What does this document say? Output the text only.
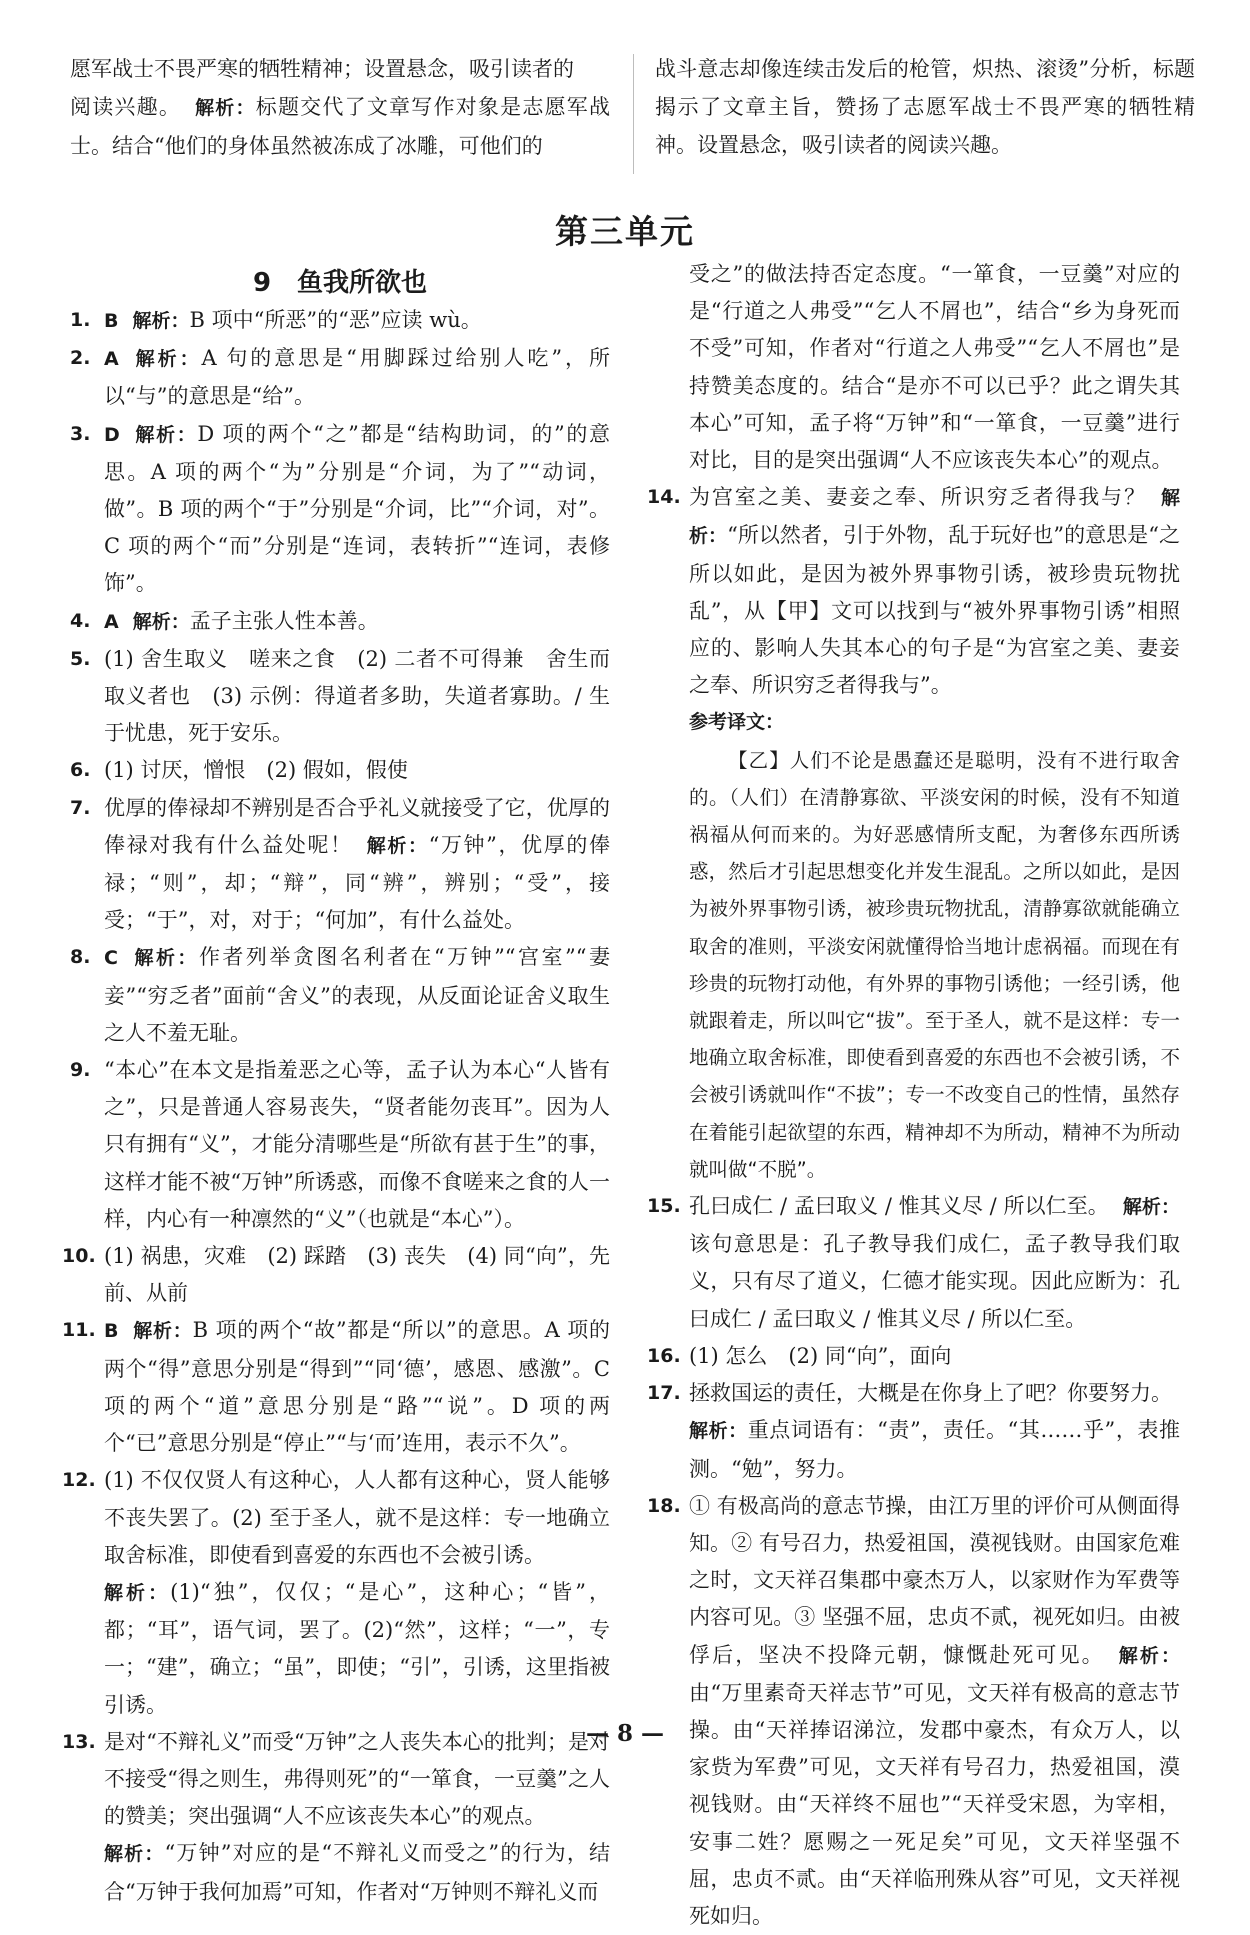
愿军战士不畏严寒的牺牲精神；设置悬念，吸引读者的
阅读兴趣。 解析：标题交代了文章写作对象是志愿军战士。结合“他们的身体虽然被冻成了冰雕，可他们的
战斗意志却像连续击发后的枪管，炽热、滚烫”分析，标题揭示了文章主旨，赞扬了志愿军战士不畏严寒的牺牲精神。设置悬念，吸引读者的阅读兴趣。
第三单元
9　鱼我所欲也

1. B 解析：B 项中“所恶”的“恶”应读 wù。

2. A 解析：A 句的意思是“用脚踩过给别人吃”，所以“与”的意思是“给”。

3. D 解析：D 项的两个“之”都是“结构助词，的”的意思。A 项的两个“为”分别是“介词，为了”“动词，做”。B 项的两个“于”分别是“介词，比”“介词，对”。C 项的两个“而”分别是“连词，表转折”“连词，表修饰”。

4. A 解析：孟子主张人性本善。

5. (1) 舍生取义　嗟来之食　(2) 二者不可得兼　舍生而取义者也　(3) 示例：得道者多助，失道者寡助。/ 生于忧患，死于安乐。

6. (1) 讨厌，憎恨　(2) 假如，假使

7. 优厚的俸禄却不辨别是否合乎礼义就接受了它，优厚的俸禄对我有什么益处呢！ 解析：“万钟”，优厚的俸禄；“则”，却；“辩”，同“辨”，辨别；“受”，接受；“于”，对，对于；“何加”，有什么益处。

8. C 解析：作者列举贪图名利者在“万钟”“宫室”“妻妾”“穷乏者”面前“舍义”的表现，从反面论证舍义取生之人不羞无耻。

9. “本心”在本文是指羞恶之心等，孟子认为本心“人皆有之”，只是普通人容易丧失，“贤者能勿丧耳”。因为人只有拥有“义”，才能分清哪些是“所欲有甚于生”的事，这样才能不被“万钟”所诱惑，而像不食嗟来之食的人一样，内心有一种凛然的“义”（也就是“本心”）。

10. (1) 祸患，灾难　(2) 踩踏　(3) 丧失　(4) 同“向”，先前、从前

11. B 解析：B 项的两个“故”都是“所以”的意思。A 项的两个“得”意思分别是“得到”“同‘德’，感恩、感激”。C 项的两个“道”意思分别是“路”“说”。D 项的两个“已”意思分别是“停止”“与‘而’连用，表示不久”。

12. (1) 不仅仅贤人有这种心，人人都有这种心，贤人能够不丧失罢了。(2) 至于圣人，就不是这样：专一地确立取舍标准，即使看到喜爱的东西也不会被引诱。

解析：(1)“独”，仅仅；“是心”，这种心；“皆”，都；“耳”，语气词，罢了。(2)“然”，这样；“一”，专一；“建”，确立；“虽”，即使；“引”，引诱，这里指被引诱。

13. 是对“不辩礼义”而受“万钟”之人丧失本心的批判；是对不接受“得之则生，弗得则死”的“一箪食，一豆羹”之人的赞美；突出强调“人不应该丧失本心”的观点。

解析：“万钟”对应的是“不辩礼义而受之”的行为，结合“万钟于我何加焉”可知，作者对“万钟则不辩礼义而

受之”的做法持否定态度。“一箪食，一豆羹”对应的是“行道之人弗受”“乞人不屑也”，结合“乡为身死而不受”可知，作者对“行道之人弗受”“乞人不屑也”是持赞美态度的。结合“是亦不可以已乎？此之谓失其本心”可知，孟子将“万钟”和“一箪食，一豆羹”进行对比，目的是突出强调“人不应该丧失本心”的观点。

14. 为宫室之美、妻妾之奉、所识穷乏者得我与？ 解析：“所以然者，引于外物，乱于玩好也”的意思是“之所以如此，是因为被外界事物引诱，被珍贵玩物扰乱”，从【甲】文可以找到与“被外界事物引诱”相照应的、影响人失其本心的句子是“为宫室之美、妻妾之奉、所识穷乏者得我与”。

参考译文：

【乙】人们不论是愚蠢还是聪明，没有不进行取舍的。（人们）在清静寡欲、平淡安闲的时候，没有不知道祸福从何而来的。为好恶感情所支配，为奢侈东西所诱惑，然后才引起思想变化并发生混乱。之所以如此，是因为被外界事物引诱，被珍贵玩物扰乱，清静寡欲就能确立取舍的准则，平淡安闲就懂得恰当地计虑祸福。而现在有珍贵的玩物打动他，有外界的事物引诱他；一经引诱，他就跟着走，所以叫它“拔”。至于圣人，就不是这样：专一地确立取舍标准，即使看到喜爱的东西也不会被引诱，不会被引诱就叫作“不拔”；专一不改变自己的性情，虽然存在着能引起欲望的东西，精神却不为所动，精神不为所动就叫做“不脱”。

15. 孔曰成仁 / 孟曰取义 / 惟其义尽 / 所以仁至。 解析：该句意思是：孔子教导我们成仁，孟子教导我们取义，只有尽了道义，仁德才能实现。因此应断为：孔曰成仁 / 孟曰取义 / 惟其义尽 / 所以仁至。

16. (1) 怎么　(2) 同“向”，面向

17. 拯救国运的责任，大概是在你身上了吧？你要努力。

解析：重点词语有：“责”，责任。“其……乎”，表推测。“勉”，努力。

18. ① 有极高尚的意志节操，由江万里的评价可从侧面得知。② 有号召力，热爱祖国，漠视钱财。由国家危难之时，文天祥召集郡中豪杰万人，以家财作为军费等内容可见。③ 坚强不屈，忠贞不贰，视死如归。由被俘后，坚决不投降元朝，慷慨赴死可见。 解析：由“万里素奇天祥志节”可见，文天祥有极高的意志节操。由“天祥捧诏涕泣，发郡中豪杰，有众万人，以家赀为军费”可见，文天祥有号召力，热爱祖国，漠视钱财。由“天祥终不屈也”“天祥受宋恩，为宰相，安事二姓？愿赐之一死足矣”可见，文天祥坚强不屈，忠贞不贰。由“天祥临刑殊从容”可见，文天祥视死如归。

— 8 —
